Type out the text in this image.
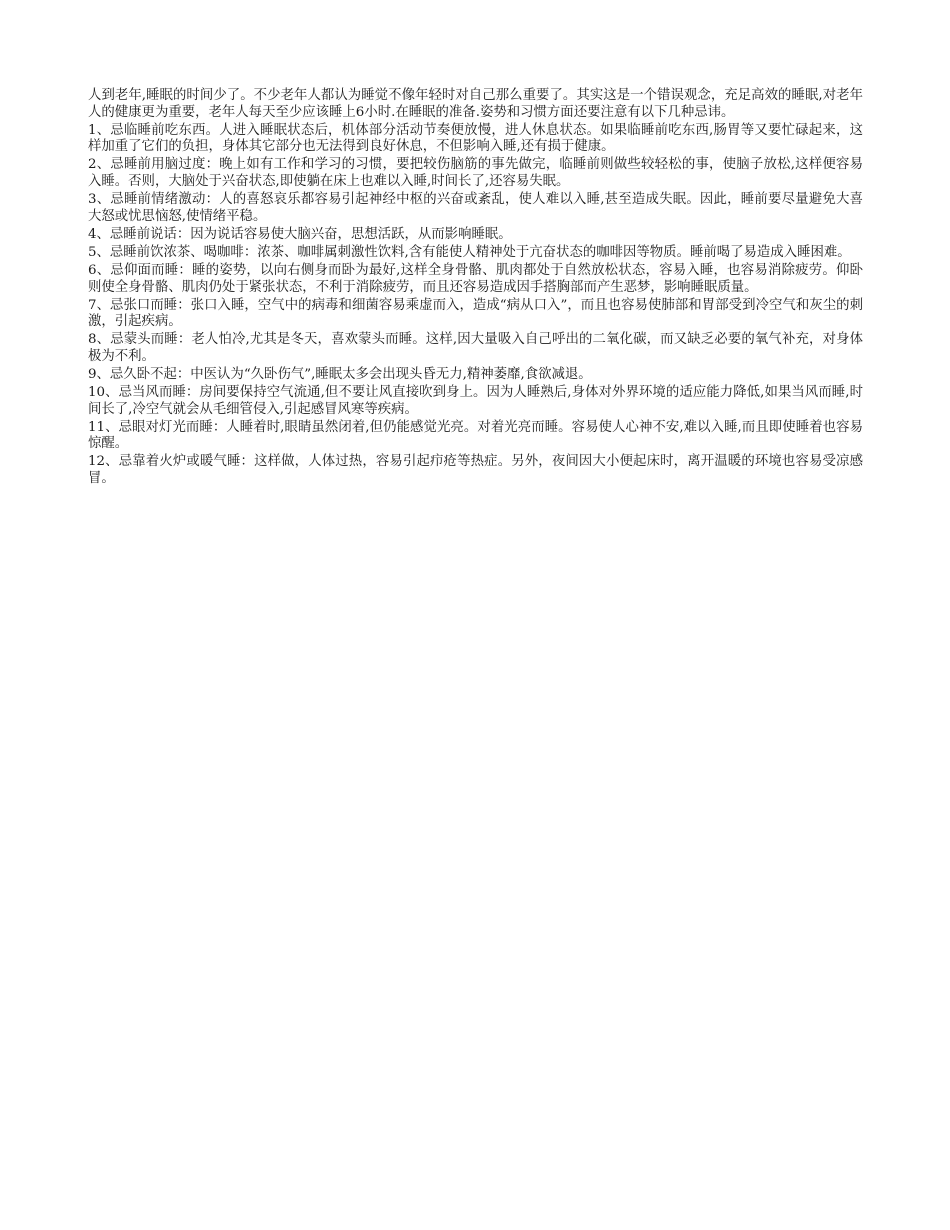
人到老年,睡眠的时间少了。不少老年人都认为睡觉不像年轻时对自己那么重要了。其实这是一个错误观念，充足高效的睡眠,对老年人的健康更为重要，老年人每天至少应该睡上6小时.在睡眠的准备.姿势和习惯方面还要注意有以下几种忌讳。

1、忌临睡前吃东西。人进入睡眠状态后，机体部分活动节奏便放慢，进人休息状态。如果临睡前吃东西,肠胃等又要忙碌起来，这样加重了它们的负担，身体其它部分也无法得到良好休息，不但影响入睡,还有损于健康。

2、忌睡前用脑过度：晚上如有工作和学习的习惯，要把较伤脑筋的事先做完，临睡前则做些较轻松的事，使脑子放松,这样便容易入睡。否则，大脑处于兴奋状态,即使躺在床上也难以入睡,时间长了,还容易失眠。

3、忌睡前情绪激动：人的喜怒哀乐都容易引起神经中枢的兴奋或紊乱，使人难以入睡,甚至造成失眠。因此，睡前要尽量避免大喜大怒或忧思恼怒,使情绪平稳。

4、忌睡前说话：因为说话容易使大脑兴奋，思想活跃，从而影响睡眠。

5、忌睡前饮浓茶、喝咖啡：浓茶、咖啡属刺激性饮料,含有能使人精神处于亢奋状态的咖啡因等物质。睡前喝了易造成入睡困难。

6、忌仰面而睡：睡的姿势，以向右侧身而卧为最好,这样全身骨骼、肌肉都处于自然放松状态，容易入睡，也容易消除疲劳。仰卧则使全身骨骼、肌肉仍处于紧张状态，不利于消除疲劳，而且还容易造成因手搭胸部而产生恶梦，影响睡眠质量。

7、忌张口而睡：张口入睡，空气中的病毒和细菌容易乘虚而入，造成“病从口入”，而且也容易使肺部和胃部受到冷空气和灰尘的刺激，引起疾病。

8、忌蒙头而睡：老人怕冷,尤其是冬天，喜欢蒙头而睡。这样,因大量吸入自己呼出的二氧化碳，而又缺乏必要的氧气补充，对身体极为不利。

9、忌久卧不起：中医认为“久卧伤气”,睡眠太多会出现头昏无力,精神萎靡,食欲减退。

10、忌当风而睡：房间要保持空气流通,但不要让风直接吹到身上。因为人睡熟后,身体对外界环境的适应能力降低,如果当风而睡,时间长了,冷空气就会从毛细管侵入,引起感冒风寒等疾病。

11、忌眼对灯光而睡：人睡着时,眼睛虽然闭着,但仍能感觉光亮。对着光亮而睡。容易使人心神不安,难以入睡,而且即使睡着也容易惊醒。

12、忌靠着火炉或暖气睡：这样做，人体过热，容易引起疖疮等热症。另外，夜间因大小便起床时，离开温暖的环境也容易受凉感冒。
